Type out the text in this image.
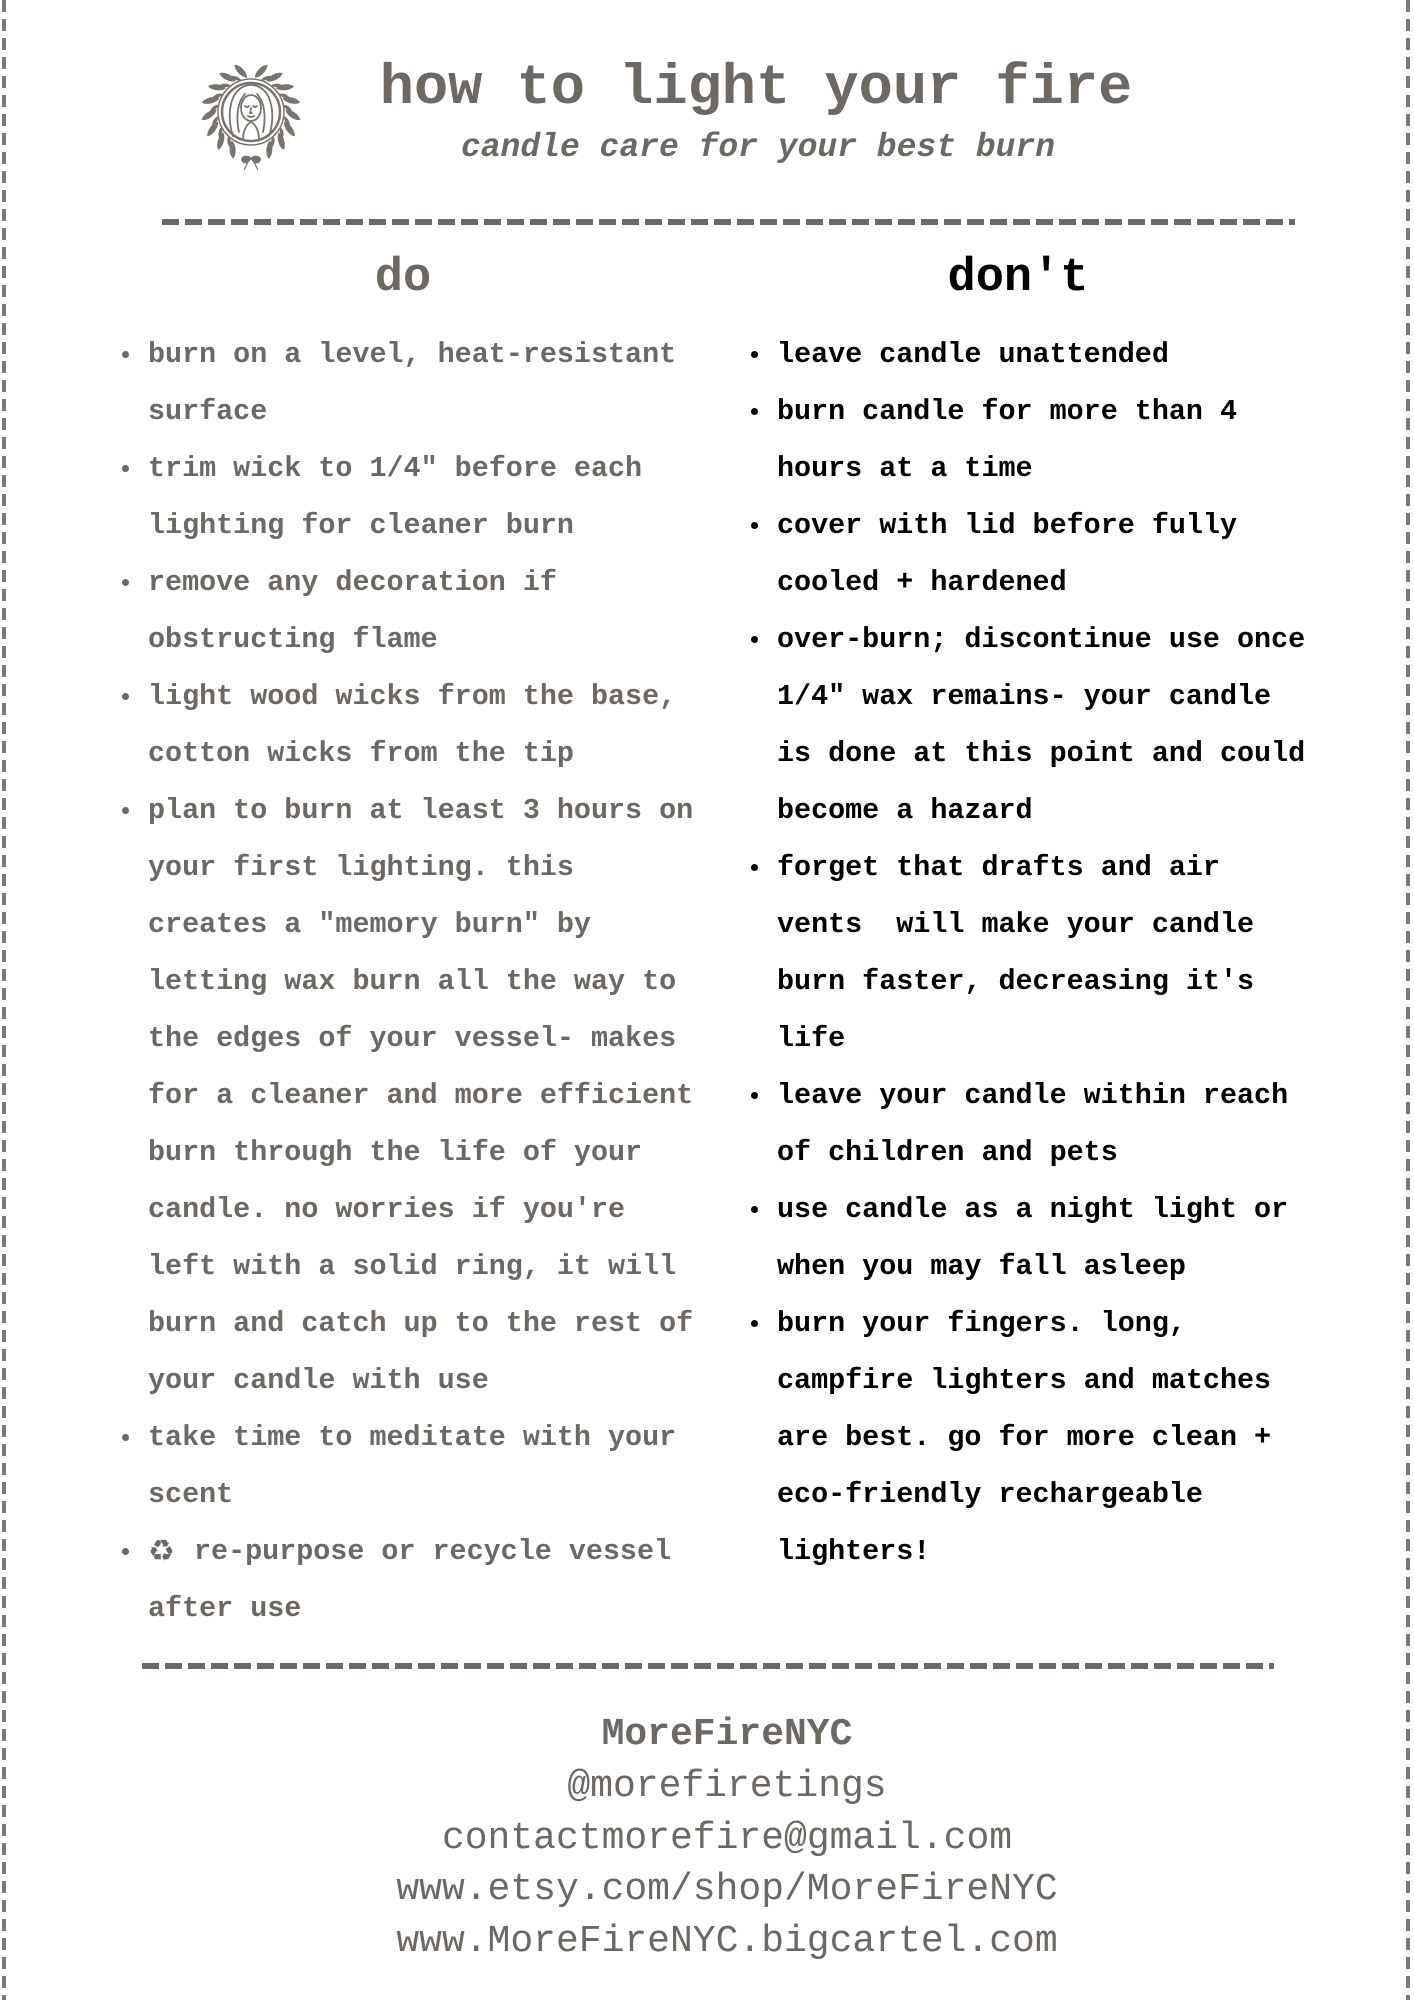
how to light your fire
candle care for your best burn
do	don't
burn on a level, heat-resistant surface
trim wick to 1/4" before each lighting for cleaner burn
remove any decoration if obstructing flame
light wood wicks from the base, cotton wicks from the tip
plan to burn at least 3 hours on your first lighting. this creates a "memory burn" by letting wax burn all the way to the edges of your vessel- makes for a cleaner and more efficient burn through the life of your candle. no worries if you're left with a solid ring, it will burn and catch up to the rest of your candle with use
take time to meditate with your scent
♻re-purpose or recycle vessel after use
leave candle unattended
burn candle for more than 4 hours at a time
cover with lid before fully cooled + hardened
over-burn; discontinue use once 1/4" wax remains- your candle is done at this point and could become a hazard
forget that drafts and air vents  will make your candle burn faster, decreasing it's life
leave your candle within reach of children and pets
use candle as a night light or when you may fall asleep
burn your fingers. long, campfire lighters and matches are best. go for more clean + eco-friendly rechargeable lighters!
MoreFireNYC
@morefiretings
contactmorefire@gmail.com
www.etsy.com/shop/MoreFireNYC
www.MoreFireNYC.bigcartel.com
